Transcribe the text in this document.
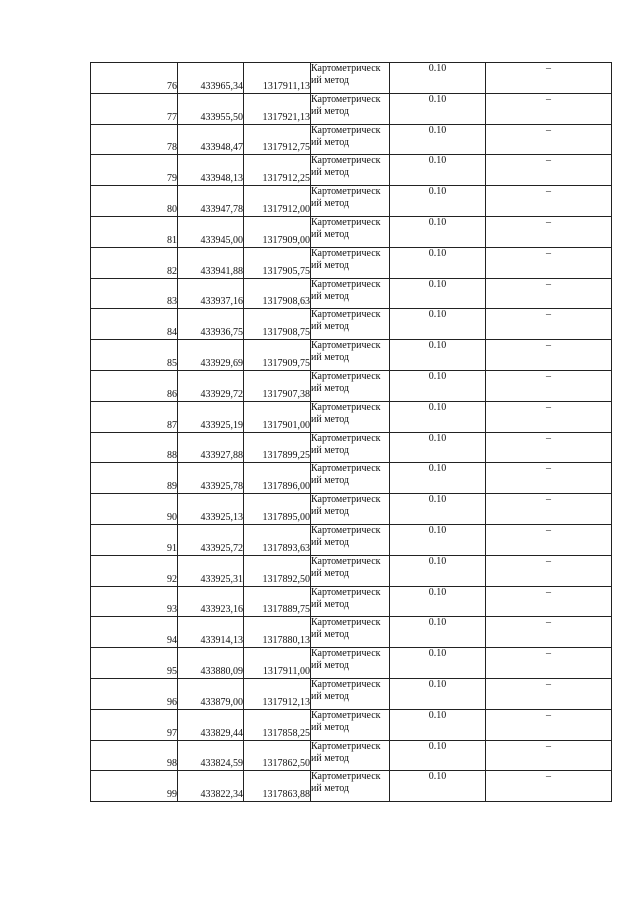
76	433965,34	1317911,13	Картометрическ
ий метод	0.10	–
77	433955,50	1317921,13	Картометрическ
ий метод	0.10	–
78	433948,47	1317912,75	Картометрическ
ий метод	0.10	–
79	433948,13	1317912,25	Картометрическ
ий метод	0.10	–
80	433947,78	1317912,00	Картометрическ
ий метод	0.10	–
81	433945,00	1317909,00	Картометрическ
ий метод	0.10	–
82	433941,88	1317905,75	Картометрическ
ий метод	0.10	–
83	433937,16	1317908,63	Картометрическ
ий метод	0.10	–
84	433936,75	1317908,75	Картометрическ
ий метод	0.10	–
85	433929,69	1317909,75	Картометрическ
ий метод	0.10	–
86	433929,72	1317907,38	Картометрическ
ий метод	0.10	–
87	433925,19	1317901,00	Картометрическ
ий метод	0.10	–
88	433927,88	1317899,25	Картометрическ
ий метод	0.10	–
89	433925,78	1317896,00	Картометрическ
ий метод	0.10	–
90	433925,13	1317895,00	Картометрическ
ий метод	0.10	–
91	433925,72	1317893,63	Картометрическ
ий метод	0.10	–
92	433925,31	1317892,50	Картометрическ
ий метод	0.10	–
93	433923,16	1317889,75	Картометрическ
ий метод	0.10	–
94	433914,13	1317880,13	Картометрическ
ий метод	0.10	–
95	433880,09	1317911,00	Картометрическ
ий метод	0.10	–
96	433879,00	1317912,13	Картометрическ
ий метод	0.10	–
97	433829,44	1317858,25	Картометрическ
ий метод	0.10	–
98	433824,59	1317862,50	Картометрическ
ий метод	0.10	–
99	433822,34	1317863,88	Картометрическ
ий метод	0.10	–
